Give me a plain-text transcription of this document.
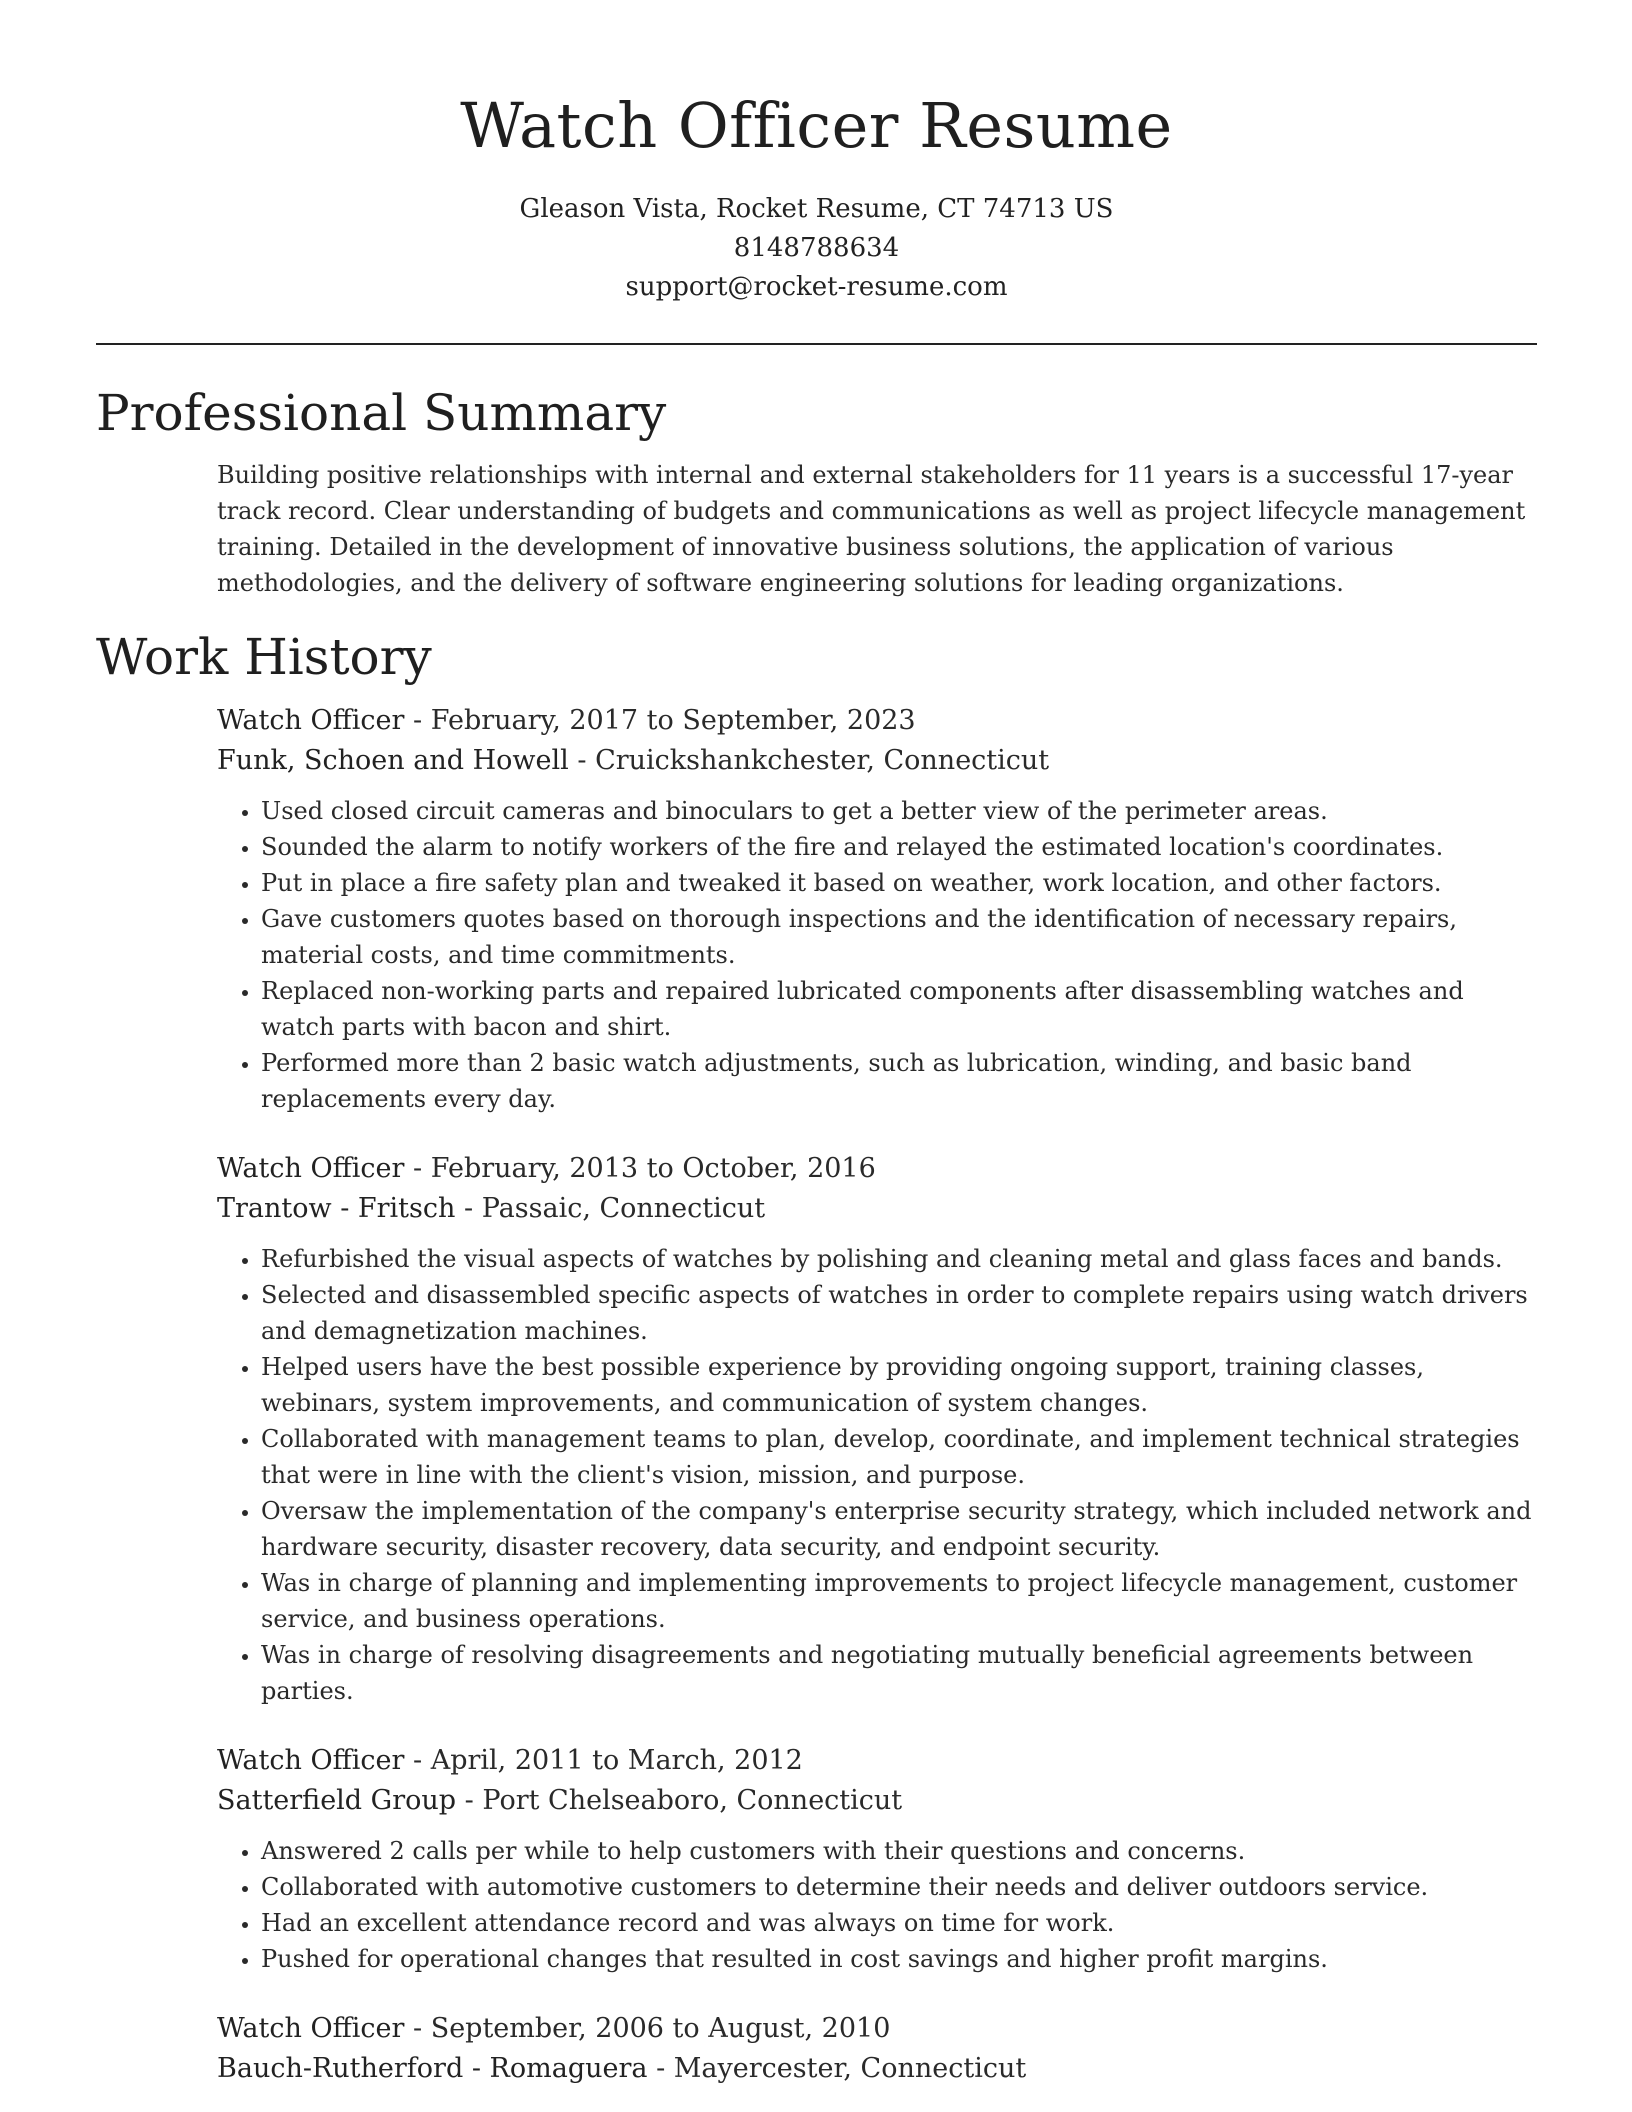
Watch Officer Resume
Gleason Vista, Rocket Resume, CT 74713 US
8148788634
support@rocket-resume.com
Professional Summary
Building positive relationships with internal and external stakeholders for 11 years is a successful 17-year track record. Clear understanding of budgets and communications as well as project lifecycle management training. Detailed in the development of innovative business solutions, the application of various methodologies, and the delivery of software engineering solutions for leading organizations.
Work History
Watch Officer - February, 2017 to September, 2023
Funk, Schoen and Howell - Cruickshankchester, Connecticut
• Used closed circuit cameras and binoculars to get a better view of the perimeter areas.
• Sounded the alarm to notify workers of the fire and relayed the estimated location's coordinates.
• Put in place a fire safety plan and tweaked it based on weather, work location, and other factors.
• Gave customers quotes based on thorough inspections and the identification of necessary repairs, material costs, and time commitments.
• Replaced non-working parts and repaired lubricated components after disassembling watches and watch parts with bacon and shirt.
• Performed more than 2 basic watch adjustments, such as lubrication, winding, and basic band replacements every day.
Watch Officer - February, 2013 to October, 2016
Trantow - Fritsch - Passaic, Connecticut
• Refurbished the visual aspects of watches by polishing and cleaning metal and glass faces and bands.
• Selected and disassembled specific aspects of watches in order to complete repairs using watch drivers and demagnetization machines.
• Helped users have the best possible experience by providing ongoing support, training classes, webinars, system improvements, and communication of system changes.
• Collaborated with management teams to plan, develop, coordinate, and implement technical strategies that were in line with the client's vision, mission, and purpose.
• Oversaw the implementation of the company's enterprise security strategy, which included network and hardware security, disaster recovery, data security, and endpoint security.
• Was in charge of planning and implementing improvements to project lifecycle management, customer service, and business operations.
• Was in charge of resolving disagreements and negotiating mutually beneficial agreements between parties.
Watch Officer - April, 2011 to March, 2012
Satterfield Group - Port Chelseaboro, Connecticut
• Answered 2 calls per while to help customers with their questions and concerns.
• Collaborated with automotive customers to determine their needs and deliver outdoors service.
• Had an excellent attendance record and was always on time for work.
• Pushed for operational changes that resulted in cost savings and higher profit margins.
Watch Officer - September, 2006 to August, 2010
Bauch-Rutherford - Romaguera - Mayercester, Connecticut
